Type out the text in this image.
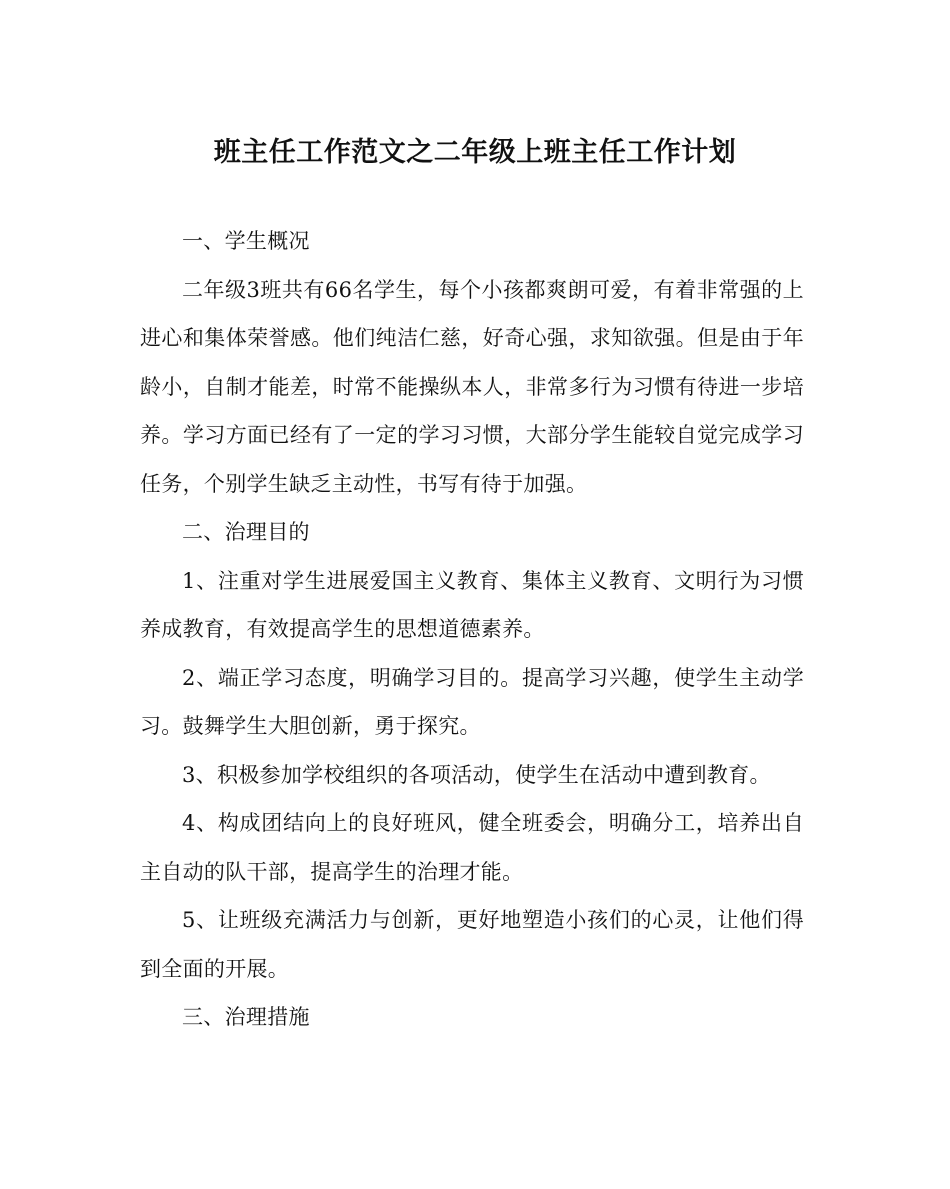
班主任工作范文之二年级上班主任工作计划

一、学生概况

二年级3班共有66名学生，每个小孩都爽朗可爱，有着非常强的上进心和集体荣誉感。他们纯洁仁慈，好奇心强，求知欲强。但是由于年龄小，自制才能差，时常不能操纵本人，非常多行为习惯有待进一步培养。学习方面已经有了一定的学习习惯，大部分学生能较自觉完成学习任务，个别学生缺乏主动性，书写有待于加强。

二、治理目的

1、注重对学生进展爱国主义教育、集体主义教育、文明行为习惯养成教育，有效提高学生的思想道德素养。

2、端正学习态度，明确学习目的。提高学习兴趣，使学生主动学习。鼓舞学生大胆创新，勇于探究。

3、积极参加学校组织的各项活动，使学生在活动中遭到教育。

4、构成团结向上的良好班风，健全班委会，明确分工，培养出自主自动的队干部，提高学生的治理才能。

5、让班级充满活力与创新，更好地塑造小孩们的心灵，让他们得到全面的开展。

三、治理措施
